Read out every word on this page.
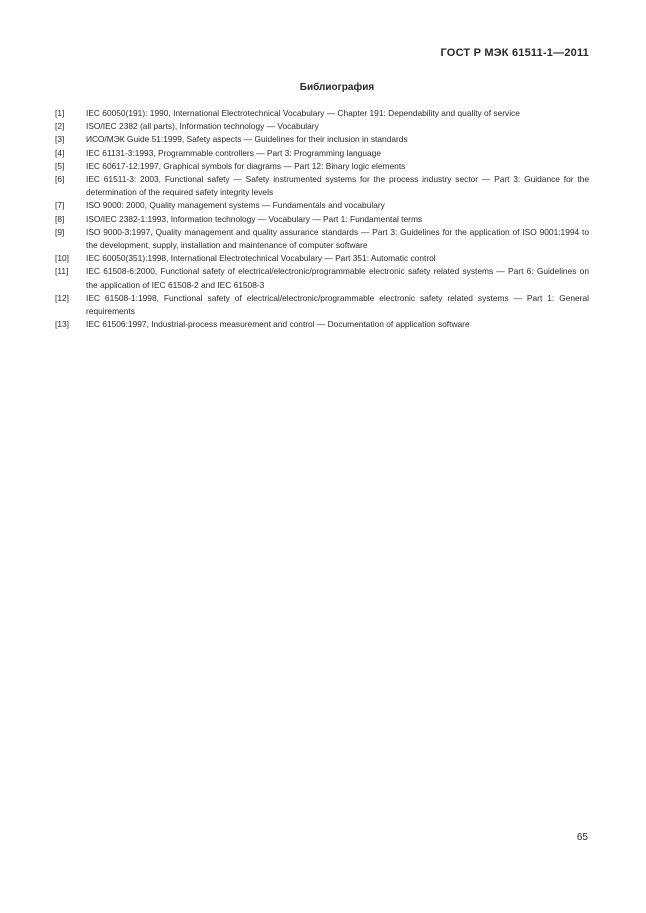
ГОСТ Р МЭК 61511-1—2011
Библиография
[1]	IEC 60050(191): 1990, International Electrotechnical Vocabulary — Chapter 191: Dependability and quality of service
[2]	ISO/IEC 2382 (all parts), Information technology — Vocabulary
[3]	ИСО/МЭК Guide 51:1999, Safety aspects — Guidelines for their inclusion in standards
[4]	IEC 61131-3:1993, Programmable controllers — Part 3: Programming language
[5]	IEC 60617-12:1997, Graphical symbols for diagrams — Part 12: Binary logic elements
[6]	IEC 61511-3: 2003, Functional safety — Safety instrumented systems for the process industry sector — Part 3: Guidance for the determination of the required safety integrity levels
[7]	ISO 9000: 2000, Quality management systems — Fundamentals and vocabulary
[8]	ISO/IEC 2382-1:1993, Information technology — Vocabulary — Part 1: Fundamental terms
[9]	ISO 9000-3:1997, Quality management and quality assurance standards — Part 3: Guidelines for the application of ISO 9001:1994 to the development, supply, installation and maintenance of computer software
[10]	IEC 60050(351):1998, International Electrotechnical Vocabulary — Part 351: Automatic control
[11]	IEC 61508-6:2000, Functional safety of electrical/electronic/programmable electronic safety related systems — Part 6: Guidelines on the application of IEC 61508-2 and IEC 61508-3
[12]	IEC 61508-1:1998, Functional safety of electrical/electronic/programmable electronic safety related systems — Part 1: General requirements
[13]	IEC 61506:1997, Industrial-process measurement and control — Documentation of application software
65
